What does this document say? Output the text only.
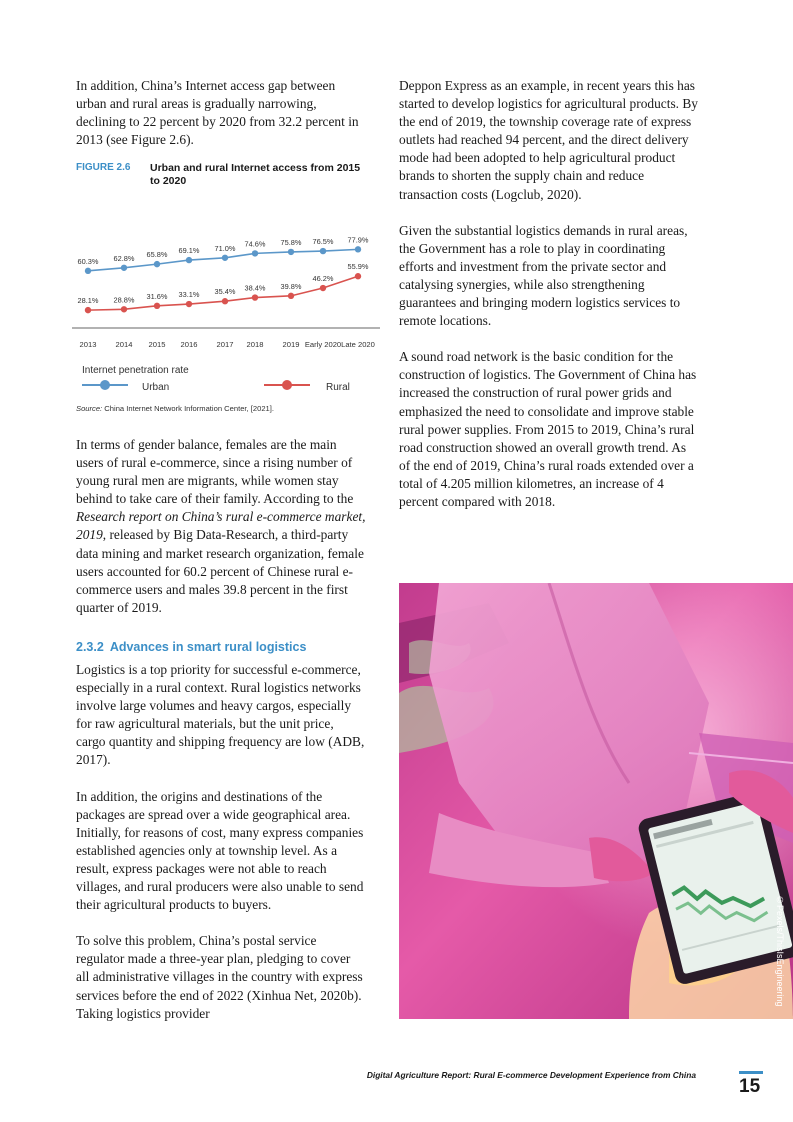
In addition, China’s Internet access gap between urban and rural areas is gradually narrowing, declining to 22 percent by 2020 from 32.2 percent in 2013 (see Figure 2.6).

FIGURE 2.6 Urban and rural Internet access from 2015 to 2020
60.3% 62.8% 65.8% 69.1% 71.0% 74.6% 75.8% 76.5% 77.9%
28.1% 28.8% 31.6% 33.1% 35.4% 38.4% 39.8%
46.2%
55.9%
2013	2014 2015 2016	2017 2018	2019 Early 2020 Late 2020
Internet penetration rate
Urban	Rural
Source: China Internet Network Information Center, [2021].

In terms of gender balance, females are the main users of rural e-commerce, since a rising number of young rural men are migrants, while women stay behind to take care of their family. According to the Research report on China’s rural e-commerce market, 2019, released by Big Data-Research, a third-party data mining and market research organization, female users accounted for 60.2 percent of Chinese rural e-commerce users and males 39.8 percent in the first quarter of 2019.

2.3.2 Advances in smart rural logistics

Logistics is a top priority for successful e-commerce, especially in a rural context. Rural logistics networks involve large volumes and heavy cargos, especially for raw agricultural materials, but the unit price, cargo quantity and shipping frequency are low (ADB, 2017).

In addition, the origins and destinations of the packages are spread over a wide geographical area. Initially, for reasons of cost, many express companies established agencies only at township level. As a result, express packages were not able to reach villages, and rural producers were also unable to send their agricultural products to buyers.

To solve this problem, China’s postal service regulator made a three-year plan, pledging to cover all administrative villages in the country with express services before the end of 2022 (Xinhua Net, 2020b). Taking logistics provider

Deppon Express as an example, in recent years this has started to develop logistics for agricultural products. By the end of 2019, the township coverage rate of express outlets had reached 94 percent, and the direct delivery mode had been adopted to help agricultural product brands to shorten the supply chain and reduce transaction costs (Logclub, 2020).

Given the substantial logistics demands in rural areas, the Government has a role to play in coordinating efforts and investment from the private sector and catalysing synergies, while also strengthening guarantees and bringing modern logistics services to remote locations.

A sound road network is the basic condition for the construction of logistics. The Government of China has increased the construction of rural power grids and emphasized the need to consolidate and improve stable rural power supplies. From 2015 to 2019, China’s rural road construction showed an overall growth trend. As of the end of 2019, China’s rural roads extended over a total of 4.205 million kilometres, an increase of 4 percent compared with 2018.

©Pexels/ThisIsEngineering
Digital Agriculture Report: Rural E-commerce Development Experience from China
15
